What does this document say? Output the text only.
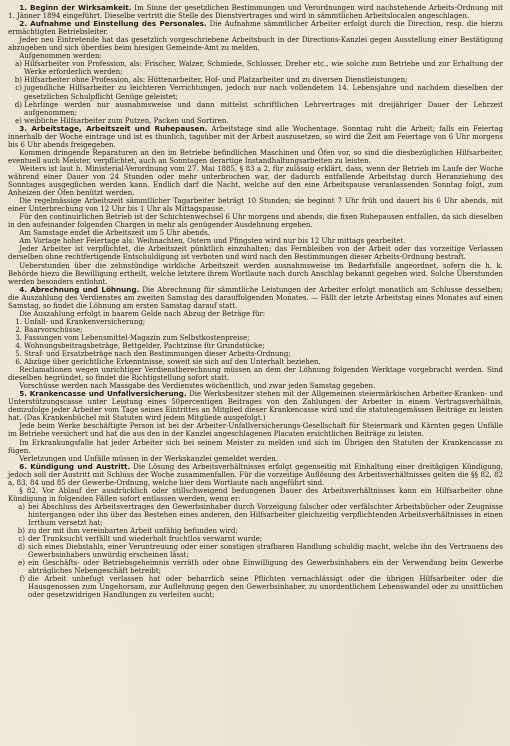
1. Beginn der Wirksamkeit. Im Sinne der gesetzlichen Bestimmungen und Verordnungen wird nachstehende Arbeits-Ordnung mit 1. Jänner 1894 eingeführt. Dieselbe vertritt die Stelle des Dienstvertrages und wird in sämmtlichen Arbeitslocalen angeschlagen.

2. Aufnahme und Einstellung des Personales. Die Aufnahme sämmtlicher Arbeiter erfolgt durch die Direction, resp. die hierzu ermächtigten Betriebsleiter.

Jeder neu Eintretende hat das gesetzlich vorgeschriebene Arbeitsbuch in der Directions-Kanzlei gegen Ausstellung einer Bestätigung abzugeben und sich überdies beim hiesigen Gemeinde-Amt zu melden.

Aufgenommen werden:

a) Hilfsarbeiter von Profession, als: Frischer, Walzer, Schmiede, Schlosser, Dreher etc., wie solche zum Betriebe und zur Erhaltung der Werke erforderlich werden;

b) Hilfsarbeiter ohne Profession, als: Hüttenarbeiter, Hof- und Platzarbeiter und zu diversen Dienstleistungen;

c) jugendliche Hilfsarbeiter zu leichteren Verrichtungen, jedoch nur nach vollendetem 14. Lebensjahre und nachdem dieselben der gesetzlichen Schulpflicht Genüge geleistet;

d) Lehrlinge werden nur ausnahmsweise und dann mittelst schriftlichen Lehrvertrages mit dreijähriger Dauer der Lehrzeit aufgenommen;

e) weibliche Hilfsarbeiter zum Putzen, Packen und Sortiren.

3. Arbeitstage, Arbeitszeit und Ruhepausen. Arbeitstage sind alle Wochentage. Sonntag ruht die Arbeit; falls ein Feiertag innerhalb der Woche eintrage und ist es thunlich, tagsüber mit der Arbeit auszusetzen, so wird die Zeit am Feiertage von 6 Uhr morgens bis 6 Uhr abends freigegeben.

Kommen dringende Reparaturen an den im Betriebe befindlichen Maschinen und Öfen vor, so sind die diesbezüglichen Hilfsarbeiter, eventuell auch Meister, verpflichtet, auch an Sonntagen derartige Instandhaltungsarbeiten zu leisten.

Weiters ist laut h. Ministerial-Verordnung vom 27. Mai 1885, § 83 a 2, für zulässig erklärt, dass, wenn der Betrieb im Laufe der Woche während einer Dauer von 24 Stunden oder mehr unterbrochen war, der dadurch entfallende Arbeitstag durch Heranziehung des Sonntages ausgeglichen werden kann. Endlich darf die Nacht, welche auf den eine Arbeitspause veranlassenden Sonntag folgt, zum Anheizen der Öfen benützt werden.

Die regelmässige Arbeitszeit sämmtlicher Tagarbeiter beträgt 10 Stunden; sie beginnt 7 Uhr früh und dauert bis 6 Uhr abends, mit einer Unterbrechung von 12 Uhr bis 1 Uhr als Mittagspause.

Für den continuirlichen Betrieb ist der Schichtenwechsel 6 Uhr morgens und abends; die fixen Ruhepausen entfallen, da sich dieselben in den aufeinander folgenden Chargen in mehr als genügender Ausdehnung ergeben.

Am Samstage endet die Arbeitszeit um 5 Uhr abends.

Am Vortage hoher Feiertage als: Weihnachten, Ostern und Pfingsten wird nur bis 12 Uhr mittags gearbeitet.

Jeder Arbeiter ist verpflichtet, die Arbeitszeit pünktlich einzuhalten; das Fernbleiben von der Arbeit oder das vorzeitige Verlassen derselben ohne rechtfertigende Entschuldigung ist verboten und wird nach den Bestimmungen dieser Arbeits-Ordnung bestraft.

Ueberstunden über die zehnstündige wirkliche Arbeitszeit werden ausnahmsweise im Bedarfsfalle angeordnet, sofern die h. k. Behörde hiezu die Bewilligung ertheilt, welche letztere ihrem Wortlaute nach durch Anschlag bekannt gegeben wird. Solche Überstunden werden besonders entlohnt.

4. Abrechnung und Löhnung. Die Abrechnung für sämmtliche Leistungen der Arbeiter erfolgt monatlich am Schlusse desselben; die Auszahlung des Verdienstes am zweiten Samstag des darauffolgenden Monates. — Fällt der letzte Arbeitstag eines Monates auf einen Samstag, so findet die Löhnung am ersten Samstag darauf statt.

Die Auszahlung erfolgt in baarem Gelde nach Abzug der Beträge für:

1. Unfall- und Krankenversicherung;

2. Baarvorschüsse;

3. Fassungen vom Lebensmittel-Magazin zum Selbstkostenpreise;

4. Wohnungsbeitragsbeträge, Bettgelder, Pachtzinse für Grundstücke;

5. Straf- und Ersatzbeträge nach den Bestimmungen dieser Arbeits-Ordnung;

6. Abzüge über gerichtliche Erkenntnisse, soweit sie sich auf den Unterhalt beziehen.

Reclamationen wegen unrichtiger Verdienstberechnung müssen an dem der Löhnung folgenden Werktage vorgebracht werden. Sind dieselben begründet, so findet die Richtigstellung sofort statt.

Vorschüsse werden nach Massgabe des Verdienstes wöchentlich, und zwar jeden Samstag gegeben.

5. Krankencasse und Unfallversicherung. Die Werksbesitzer stehen mit der Allgemeinen steiermärkischen Arbeiter-Kranken- und Unterstützungscasse unter Leistung eines 50percentigen Beitrages von den Zahlungen der Arbeiter in einem Vertragsverhältnis, demzufolge jeder Arbeiter vom Tage seines Eintrittes an Mitglied dieser Krankencasse wird und die statutengemässen Beiträge zu leisten hat. (Das Krankenbüchel mit Statuten wird jedem Mitgliede ausgefolgt.)

Jede beim Werke beschäftigte Person ist bei der Arbeiter-Unfallversicherungs-Gesellschaft für Steiermark und Kärnten gegen Unfälle im Betriebe versichert und hat die aus den in der Kanzlei angeschlagenen Placaten ersichtlichen Beiträge zu leisten.

Im Erkrankungsfalle hat jeder Arbeiter sich bei seinem Meister zu melden und sich im Übrigen den Statuten der Krankencasse zu fügen.

Verletzungen und Unfälle müssen in der Werkskanzlei gemeldet werden.

6. Kündigung und Austritt. Die Lösung des Arbeitsverhältnisses erfolgt gegenseitig mit Einhaltung einer dreitägigen Kündigung, jedoch soll der Austritt mit Schluss der Woche zusammenfallen. Für die vorzeitige Auflösung des Arbeitsverhältnisses gelten die §§ 82, 82 a, 83, 84 und 85 der Gewerbe-Ordnung, welche hier dem Wortlaute nach angeführt sind.

§ 82. Vor Ablauf der ausdrücklich oder stillschweigend bedungenen Dauer des Arbeitsverhältnisses kann ein Hilfsarbeiter ohne Kündigung in folgenden Fällen sofort entlassen werden, wenn er:

a) bei Abschluss des Arbeitsvertrages den Gewerbsinhaber durch Vorzeigung falscher oder verfälschter Arbeitsbücher oder Zeugnisse hintergangen oder ihn über das Bestehen eines anderen, den Hilfsarbeiter gleichzeitig verpflichtenden Arbeitsverhältnisses in einen Irrthum versetzt hat;

b) zu der mit ihm vereinbarten Arbeit unfähig befunden wird;

c) der Trunksucht verfällt und wiederholt fruchtlos verwarnt wurde;

d) sich eines Diebstahls, einer Veruntreuung oder einer sonstigen strafbaren Handlung schuldig macht, welche ihn des Vertrauens des Gewerbsinhabers unwürdig erscheinen lässt;

e) ein Geschäfts- oder Betriebsgeheimnis verräth oder ohne Einwilligung des Gewerbsinhabers ein der Verwendung beim Gewerbe abträgliches Nebengeschäft betreibt;

f) die Arbeit unbefugt verlassen hat oder beharrlich seine Pflichten vernachlässigt oder die übrigen Hilfsarbeiter oder die Hausgenossen zum Ungehorsam, zur Auflehnung gegen den Gewerbsinhaber, zu unordentlichem Lebenswandel oder zu unsittlichen oder gesetzwidrigen Handlungen zu verleiten sucht;
